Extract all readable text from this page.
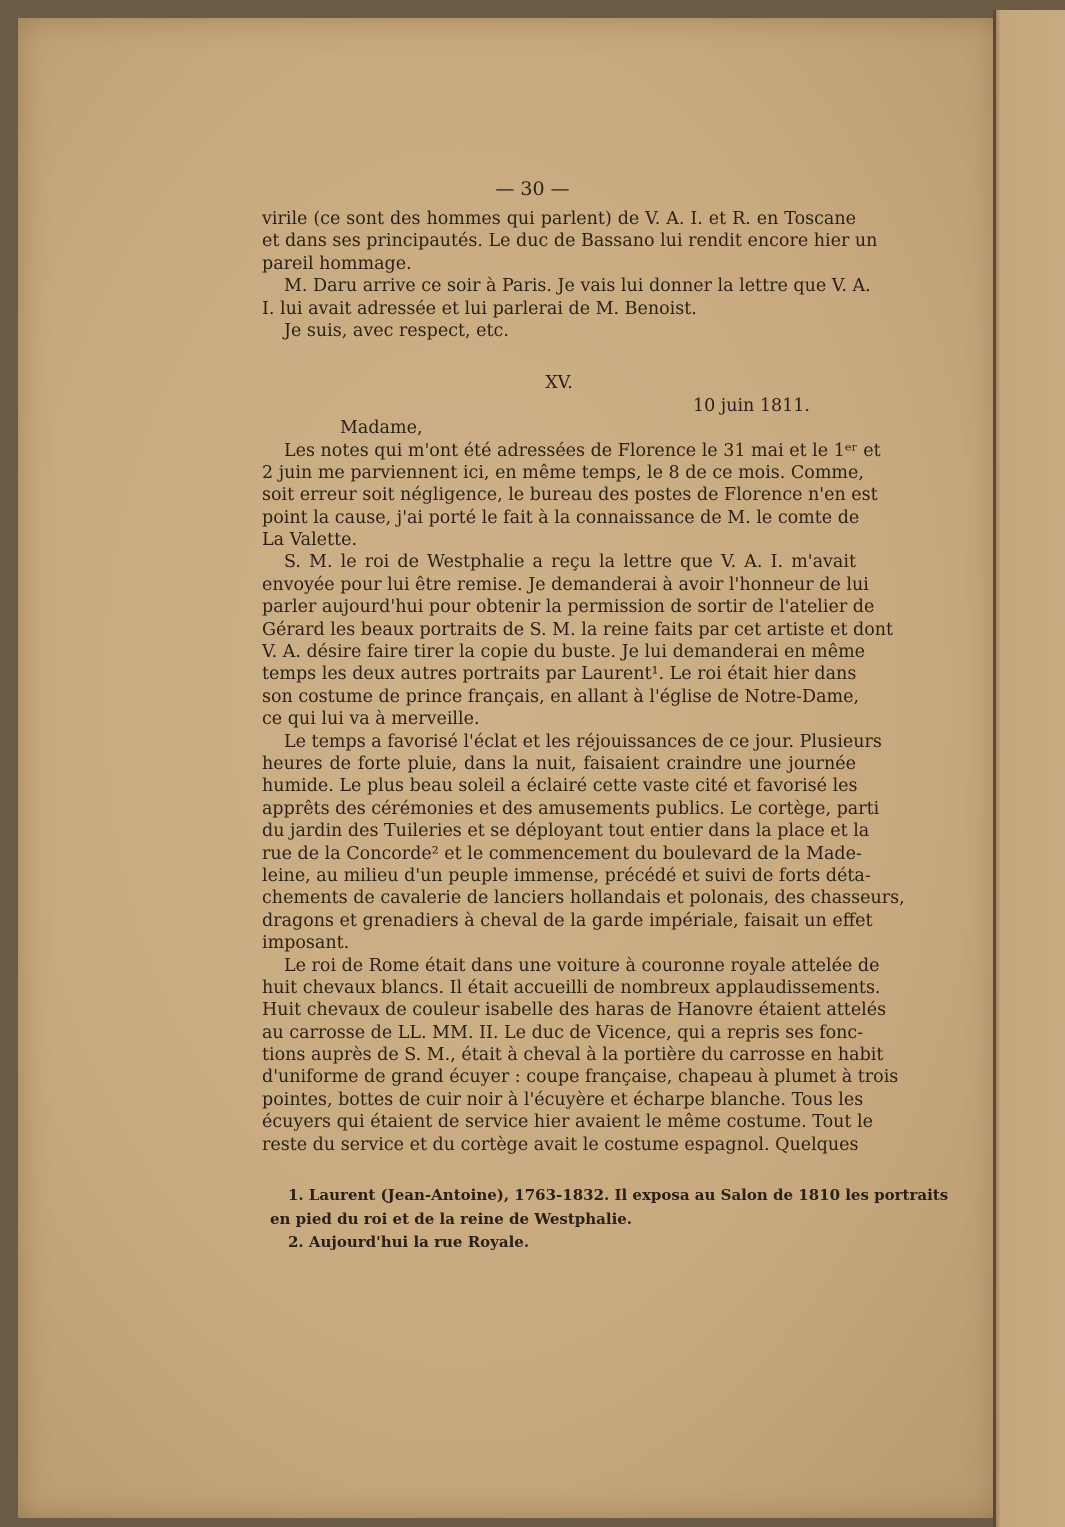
— 30 —
virile (ce sont des hommes qui parlent) de V. A. I. et R. en Toscane
et dans ses principautés. Le duc de Bassano lui rendit encore hier un
pareil hommage.
M. Daru arrive ce soir à Paris. Je vais lui donner la lettre que V. A.
I. lui avait adressée et lui parlerai de M. Benoist.
Je suis, avec respect, etc.
XV.
10 juin 1811.
Madame,
Les notes qui m'ont été adressées de Florence le 31 mai et le 1ᵉʳ et
2 juin me parviennent ici, en même temps, le 8 de ce mois. Comme,
soit erreur soit négligence, le bureau des postes de Florence n'en est
point la cause, j'ai porté le fait à la connaissance de M. le comte de
La Valette.
S. M. le roi de Westphalie a reçu la lettre que V. A. I. m'avait
envoyée pour lui être remise. Je demanderai à avoir l'honneur de lui
parler aujourd'hui pour obtenir la permission de sortir de l'atelier de
Gérard les beaux portraits de S. M. la reine faits par cet artiste et dont
V. A. désire faire tirer la copie du buste. Je lui demanderai en même
temps les deux autres portraits par Laurent¹. Le roi était hier dans
son costume de prince français, en allant à l'église de Notre-Dame,
ce qui lui va à merveille.
Le temps a favorisé l'éclat et les réjouissances de ce jour. Plusieurs
heures de forte pluie, dans la nuit, faisaient craindre une journée
humide. Le plus beau soleil a éclairé cette vaste cité et favorisé les
apprêts des cérémonies et des amusements publics. Le cortège, parti
du jardin des Tuileries et se déployant tout entier dans la place et la
rue de la Concorde² et le commencement du boulevard de la Made-
leine, au milieu d'un peuple immense, précédé et suivi de forts déta-
chements de cavalerie de lanciers hollandais et polonais, des chasseurs,
dragons et grenadiers à cheval de la garde impériale, faisait un effet
imposant.
Le roi de Rome était dans une voiture à couronne royale attelée de
huit chevaux blancs. Il était accueilli de nombreux applaudissements.
Huit chevaux de couleur isabelle des haras de Hanovre étaient attelés
au carrosse de LL. MM. II. Le duc de Vicence, qui a repris ses fonc-
tions auprès de S. M., était à cheval à la portière du carrosse en habit
d'uniforme de grand écuyer : coupe française, chapeau à plumet à trois
pointes, bottes de cuir noir à l'écuyère et écharpe blanche. Tous les
écuyers qui étaient de service hier avaient le même costume. Tout le
reste du service et du cortège avait le costume espagnol. Quelques
1. Laurent (Jean-Antoine), 1763-1832. Il exposa au Salon de 1810 les portraits
en pied du roi et de la reine de Westphalie.
2. Aujourd'hui la rue Royale.
